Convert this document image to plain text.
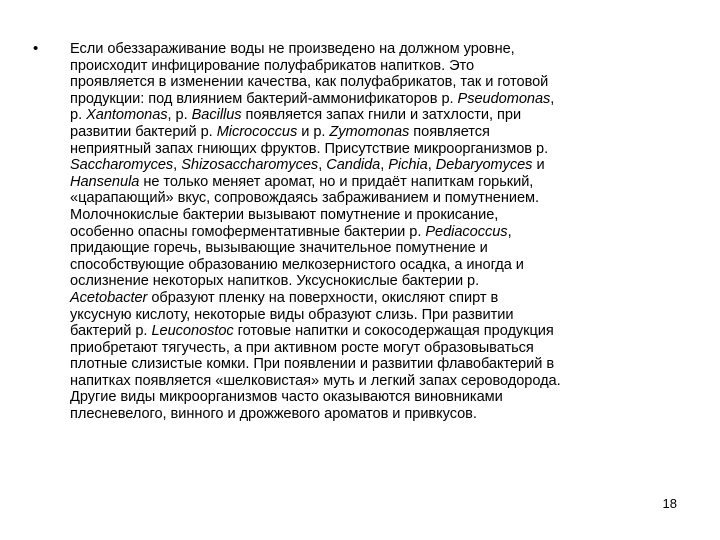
• Если обеззараживание воды не произведено на должном уровне,
происходит инфицирование полуфабрикатов напитков. Это
проявляется в изменении качества, как полуфабрикатов, так и готовой
продукции: под влиянием бактерий-аммонификаторов р. Pseudomonas,
р. Xantomonas, р. Bacillus появляется запах гнили и затхлости, при
развитии бактерий р. Micrococcus и р. Zymomonas появляется
неприятный запах гниющих фруктов. Присутствие микроорганизмов р.
Saccharomyces, Shizosaccharomyces, Candida, Pichia, Debaryomyces и
Hansenula не только меняет аромат, но и придаёт напиткам горький,
«царапающий» вкус, сопровождаясь забраживанием и помутнением.
Молочнокислые бактерии вызывают помутнение и прокисание,
особенно опасны гомоферментативные бактерии р. Pediacoccus,
придающие горечь, вызывающие значительное помутнение и
способствующие образованию мелкозернистого осадка, а иногда и
ослизнение некоторых напитков. Уксуснокислые бактерии р.
Acetobacter образуют пленку на поверхности, окисляют спирт в
уксусную кислоту, некоторые виды образуют слизь. При развитии
бактерий р. Leuconostoc готовые напитки и сокосодержащая продукция
приобретают тягучесть, а при активном росте могут образовываться
плотные слизистые комки. При появлении и развитии флавобактерий в
напитках появляется «шелковистая» муть и легкий запах сероводорода.
Другие виды микроорганизмов часто оказываются виновниками
плесневелого, винного и дрожжевого ароматов и привкусов.
18
